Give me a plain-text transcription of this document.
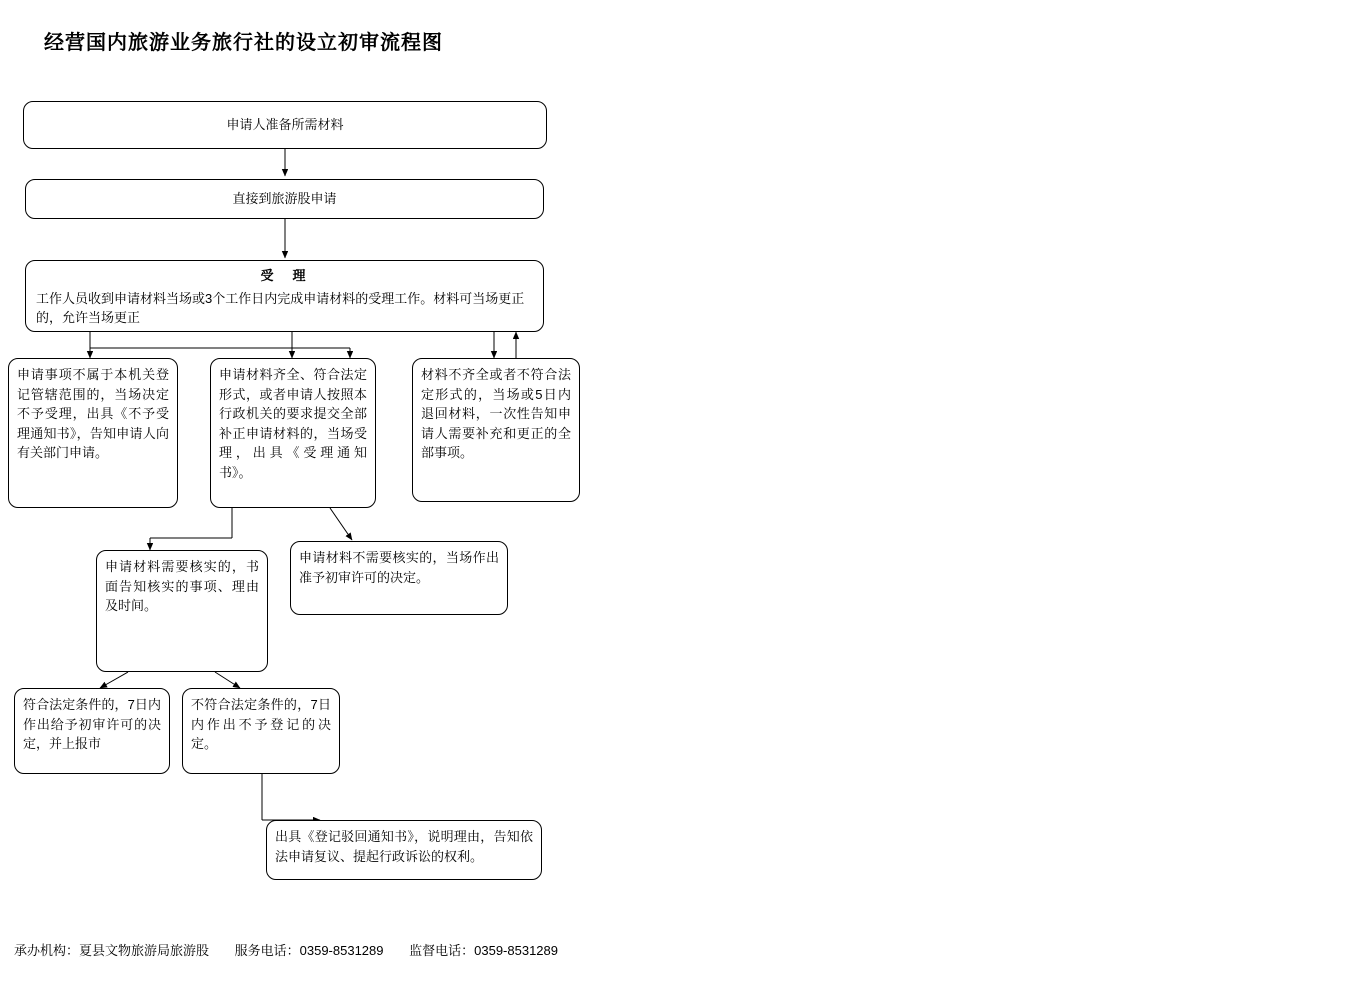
经营国内旅游业务旅行社的设立初审流程图
申请人准备所需材料
直接到旅游股申请
受　理
工作人员收到申请材料当场或3个工作日内完成申请材料的受理工作。材料可当场更正的，允许当场更正
申请事项不属于本机关登记管辖范围的，当场决定不予受理，出具《不予受理通知书》，告知申请人向有关部门申请。
申请材料齐全、符合法定形式，或者申请人按照本行政机关的要求提交全部补正申请材料的，当场受理，出具《受理通知书》。
材料不齐全或者不符合法定形式的，当场或5日内退回材料，一次性告知申请人需要补充和更正的全部事项。
申请材料需要核实的，书面告知核实的事项、理由及时间。
申请材料不需要核实的，当场作出准予初审许可的决定。
符合法定条件的，7日内作出给予初审许可的决定，并上报市
不符合法定条件的，7日内作出不予登记的决定。
出具《登记驳回通知书》，说明理由，告知依法申请复议、提起行政诉讼的权利。
承办机构：夏县文物旅游局旅游股 服务电话：0359-8531289 监督电话：0359-8531289
